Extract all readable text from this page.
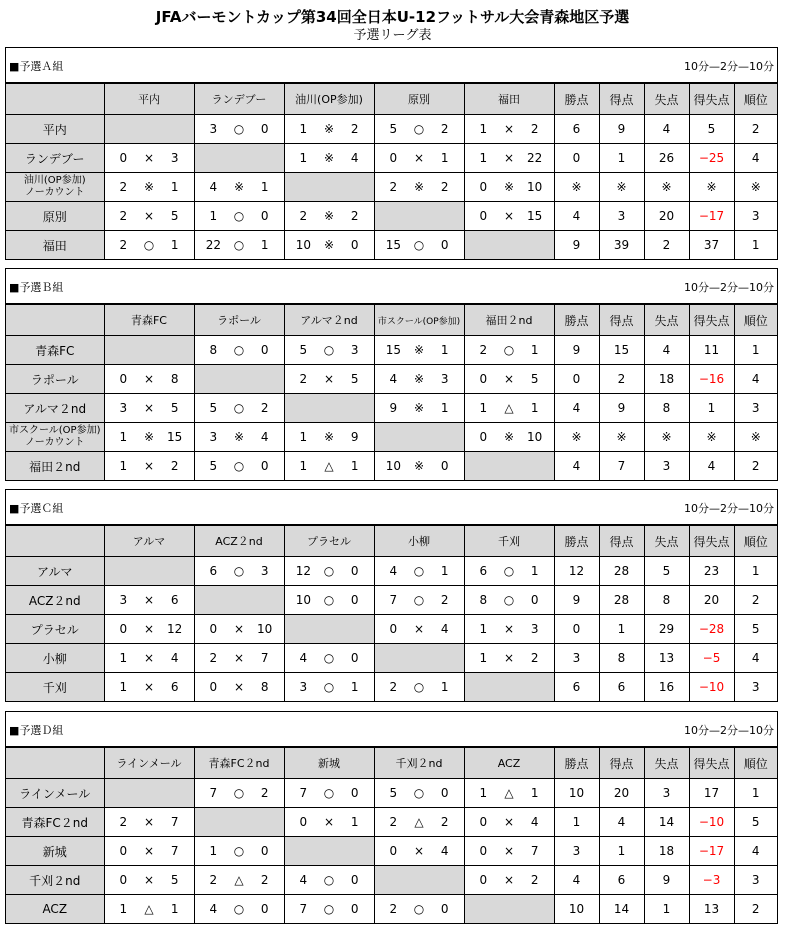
JFAバーモントカップ第34回全日本U-12フットサル大会青森地区予選
予選リーグ表
■予選Ａ組	10分—2分—10分
	平内	ランデブー	油川(OP参加)	原別	福田	勝点	得点	失点	得失点	順位
平内		3 ○ 0	1 ※ 2	5 ○ 2	1 × 2	6	9	4	5	2
ランデブー	0 × 3		1 ※ 4	0 × 1	1 × 22	0	1	26	−25	4
油川(OP参加)
ノーカウント	2 ※ 1	4 ※ 1		2 ※ 2	0 ※ 10	※	※	※	※	※
原別	2 × 5	1 ○ 0	2 ※ 2		0 × 15	4	3	20	−17	3
福田	2 ○ 1	22 ○ 1	10 ※ 0	15 ○ 0		9	39	2	37	1
■予選Ｂ組	10分—2分—10分
	青森FC	ラポール	アルマ２nd	市スクール(OP参加)	福田２nd	勝点	得点	失点	得失点	順位
青森FC		8 ○ 0	5 ○ 3	15 ※ 1	2 ○ 1	9	15	4	11	1
ラポール	0 × 8		2 × 5	4 ※ 3	0 × 5	0	2	18	−16	4
アルマ２nd	3 × 5	5 ○ 2		9 ※ 1	1 △ 1	4	9	8	1	3
市スクール(OP参加)
ノーカウント	1 ※ 15	3 ※ 4	1 ※ 9		0 ※ 10	※	※	※	※	※
福田２nd	1 × 2	5 ○ 0	1 △ 1	10 ※ 0		4	7	3	4	2
■予選Ｃ組	10分—2分—10分
	アルマ	ACZ２nd	プラセル	小柳	千刈	勝点	得点	失点	得失点	順位
アルマ		6 ○ 3	12 ○ 0	4 ○ 1	6 ○ 1	12	28	5	23	1
ACZ２nd	3 × 6		10 ○ 0	7 ○ 2	8 ○ 0	9	28	8	20	2
プラセル	0 × 12	0 × 10		0 × 4	1 × 3	0	1	29	−28	5
小柳	1 × 4	2 × 7	4 ○ 0		1 × 2	3	8	13	−5	4
千刈	1 × 6	0 × 8	3 ○ 1	2 ○ 1		6	6	16	−10	3
■予選Ｄ組	10分—2分—10分
	ラインメール	青森FC２nd	新城	千刈２nd	ACZ	勝点	得点	失点	得失点	順位
ラインメール		7 ○ 2	7 ○ 0	5 ○ 0	1 △ 1	10	20	3	17	1
青森FC２nd	2 × 7		0 × 1	2 △ 2	0 × 4	1	4	14	−10	5
新城	0 × 7	1 ○ 0		0 × 4	0 × 7	3	1	18	−17	4
千刈２nd	0 × 5	2 △ 2	4 ○ 0		0 × 2	4	6	9	−3	3
ACZ	1 △ 1	4 ○ 0	7 ○ 0	2 ○ 0		10	14	1	13	2
